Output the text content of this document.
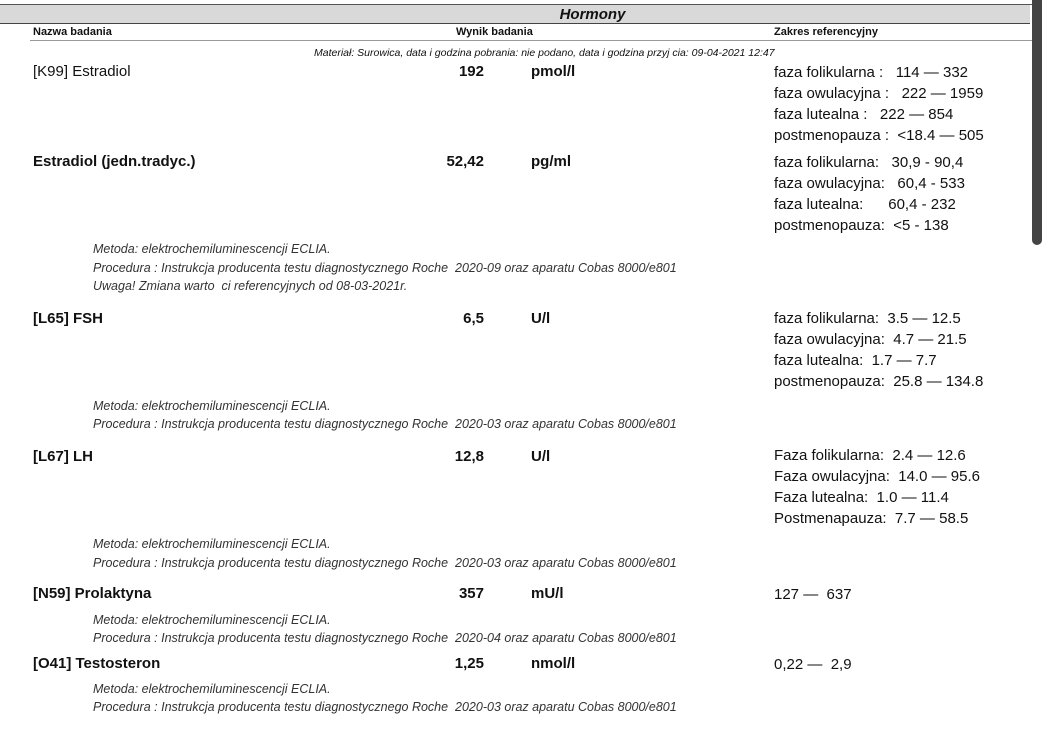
Hormony
Nazwa badania	Wynik badania	Zakres referencyjny
Materiał: Surowica, data i godzina pobrania: nie podano, data i godzina przyj cia: 09-04-2021 12:47
[K99] Estradiol	192	pmol/l	faza folikularna :   114 — 332
faza owulacyjna :   222 — 1959
faza lutealna :   222 — 854
postmenopauza :  <18.4 — 505
Estradiol (jedn.tradyc.)	52,42	pg/ml	faza folikularna:   30,9 - 90,4
faza owulacyjna:   60,4 - 533
faza lutealna:      60,4 - 232
postmenopauza:  <5 - 138
Metoda: elektrochemiluminescencji ECLIA.
Procedura : Instrukcja producenta testu diagnostycznego Roche  2020-09 oraz aparatu Cobas 8000/e801
Uwaga! Zmiana warto  ci referencyjnych od 08-03-2021r.
[L65] FSH	6,5	U/l	faza folikularna:  3.5 — 12.5
faza owulacyjna:  4.7 — 21.5
faza lutealna:  1.7 — 7.7
postmenopauza:  25.8 — 134.8
Metoda: elektrochemiluminescencji ECLIA.
Procedura : Instrukcja producenta testu diagnostycznego Roche  2020-03 oraz aparatu Cobas 8000/e801
[L67] LH	12,8	U/l	Faza folikularna:  2.4 — 12.6
Faza owulacyjna:  14.0 — 95.6
Faza lutealna:  1.0 — 11.4
Postmenapauza:  7.7 — 58.5
Metoda: elektrochemiluminescencji ECLIA.
Procedura : Instrukcja producenta testu diagnostycznego Roche  2020-03 oraz aparatu Cobas 8000/e801
[N59] Prolaktyna	357	mU/l	127 —  637
Metoda: elektrochemiluminescencji ECLIA.
Procedura : Instrukcja producenta testu diagnostycznego Roche  2020-04 oraz aparatu Cobas 8000/e801
[O41] Testosteron	1,25	nmol/l	0,22 —  2,9
Metoda: elektrochemiluminescencji ECLIA.
Procedura : Instrukcja producenta testu diagnostycznego Roche  2020-03 oraz aparatu Cobas 8000/e801
